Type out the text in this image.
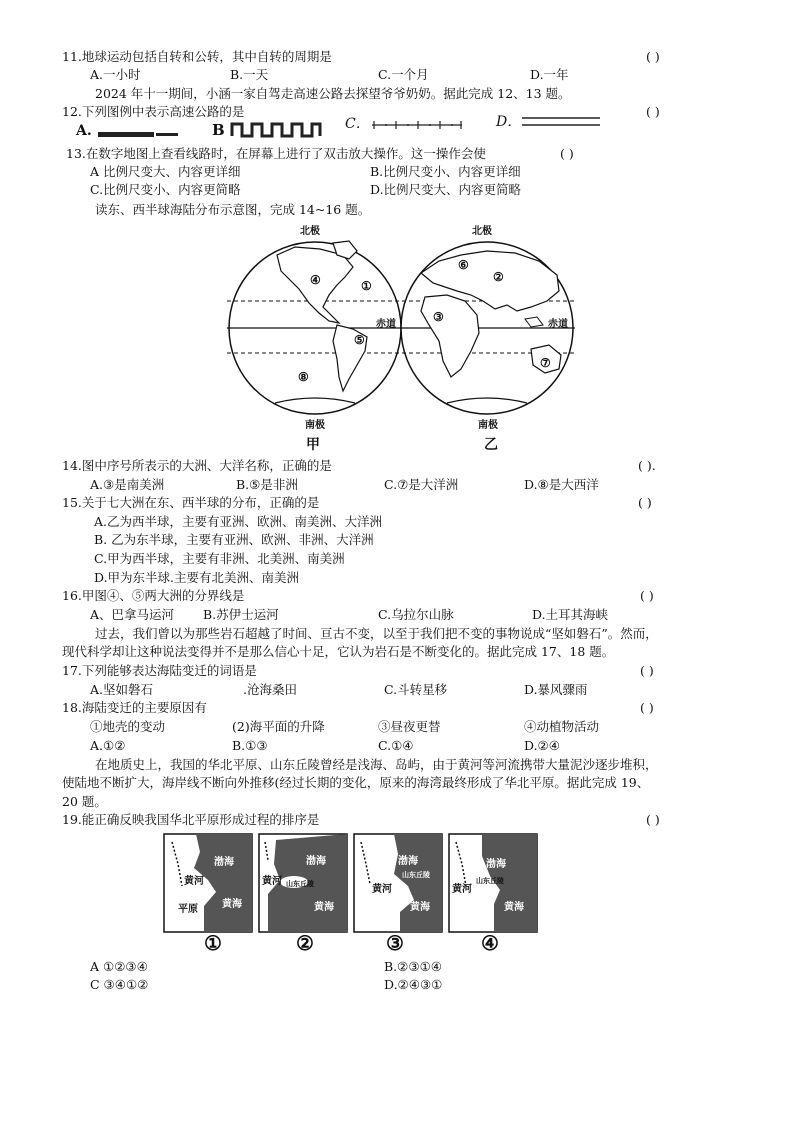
11.地球运动包括自转和公转，其中自转的周期是	( )
A.一小时	B.一天	C.一个月	D.一年
2024 年十一期间，小涵一家自驾走高速公路去探望爷爷奶奶。据此完成 12、13 题。
12.下列图例中表示高速公路的是	( )
A.	B	C．	D．
13.在数字地图上查看线路时，在屏幕上进行了双击放大操作。这一操作会使	( )
A 比例尺变大、内容更详细	B.比例尺变小、内容更详细
C.比例尺变小、内容更简略	D.比例尺变大、内容更简略
读东、西半球海陆分布示意图，完成 14~16 题。
北极	北极
赤道	赤道
南极	南极
甲	乙
④	①
⑤
⑧
⑥
②
③
⑦
14.图中序号所表示的大洲、大洋名称，正确的是	( ).
A.③是南美洲	B.⑤是非洲	C.⑦是大洋洲	D.⑧是大西洋
15.关于七大洲在东、西半球的分布，正确的是	( )
A.乙为西半球，主要有亚洲、欧洲、南美洲、大洋洲
B. 乙为东半球，主要有亚洲、欧洲、非洲、大洋洲
C.甲为西半球，主要有非洲、北美洲、南美洲
D.甲为东半球.主要有北美洲、南美洲
16.甲图④、⑤两大洲的分界线是	( )
A、巴拿马运河 B.苏伊士运河	C.乌拉尔山脉	D.土耳其海峡
过去，我们曾以为那些岩石超越了时间、亘古不变，以至于我们把不变的事物说成“坚如磐石”。然而，
现代科学却让这种说法变得并不是那么信心十足，它认为岩石是不断变化的。据此完成 17、18 题。
17.下列能够表达海陆变迁的词语是	( )
A.坚如磐石	.沧海桑田	C.斗转星移	D.暴风骤雨
18.海陆变迁的主要原因有	( )
①地壳的变动	(2)海平面的升降	③昼夜更替	④动植物活动
A.①②	B.①③	C.①④	D.②④
在地质史上，我国的华北平原、山东丘陵曾经是浅海、岛屿，由于黄河等河流携带大量泥沙逐步堆积，
使陆地不断扩大，海岸线不断向外推移(经过长期的变化，原来的海湾最终形成了华北平原。据此完成 19、
20 题。
19.能正确反映我国华北平原形成过程的排序是	( )
渤海
黄海
黄河
平原
渤海
山东丘陵
黄海
黄河
渤海
山东丘陵
黄海
黄河
渤海
山东丘陵
黄海
黄河
①	②	③	④
A ①②③④	B.②③①④
C ③④①②	D.②④③①
